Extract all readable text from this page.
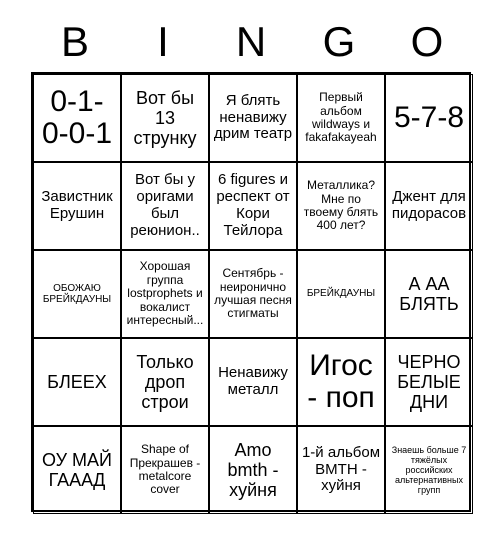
B	I	N	G	O
0-1-0-0-1
Вот бы 13 струнку
Я блять ненавижу дрим театр
Первый альбом wildways и fakafakayeah
5-7-8
Завистник Ерушин
Вот бы у оригами был реюнион..
6 figures и респект от Кори Тейлора
Металлика? Мне по твоему блять 400 лет?
Джент для пидорасов
ОБОЖАЮ БРЕЙКДАУНЫ
Хорошая группа lostprophets и вокалист интересный...
Сентябрь - неиронично лучшая песня стигматы
БРЕЙКДАУНЫ
А АА БЛЯТЬ
БЛЕЕХ
Только дроп строи
Ненавижу металл
Игос - поп
ЧЕРНО БЕЛЫЕ ДНИ
ОУ МАЙ ГААAД
Shape of Прекрашев -metalcore cover
Amo bmth - хуйня
1-й альбом BMTH - хуйня
Знаешь больше 7 тяжёлых российских альтернативных групп
